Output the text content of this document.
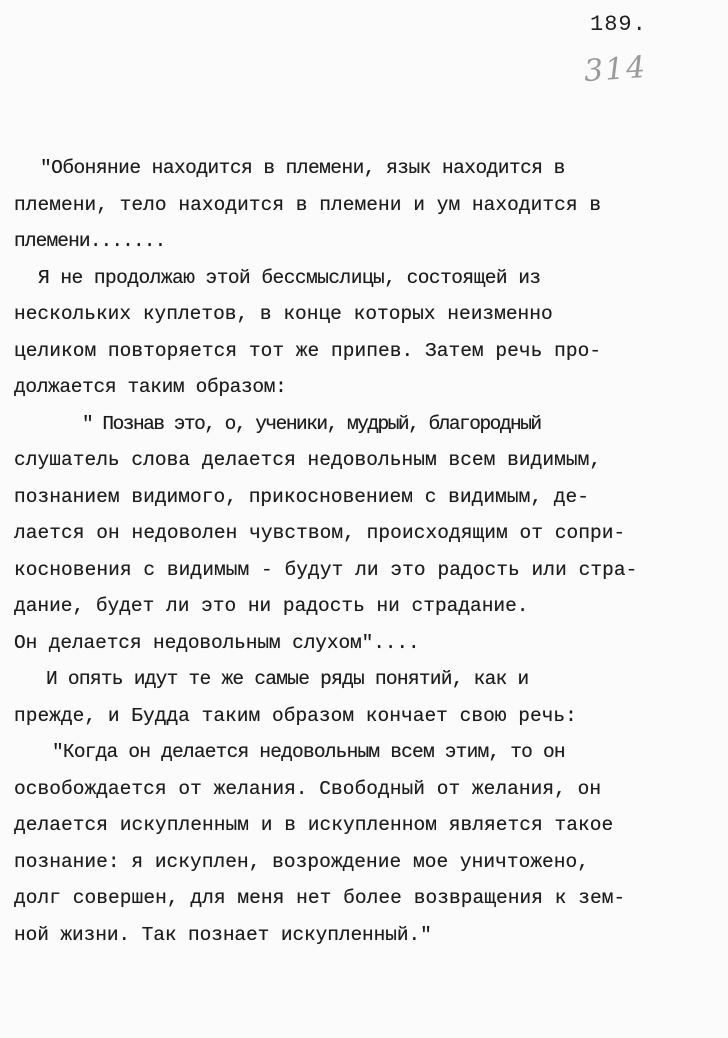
189.
314
"Обоняние находится в племени, язык находится в
племени, тело находится в племени и ум находится в
племени.......
Я не продолжаю этой бессмыслицы, состоящей из
нескольких куплетов, в конце которых неизменно
целиком повторяется тот же припев. Затем речь про-
должается таким образом:
" Познав это, о, ученики, мудрый, благородный
слушатель слова делается недовольным всем видимым,
познанием видимого, прикосновением с видимым, де-
лается он недоволен чувством, происходящим от сопри-
косновения с видимым - будут ли это радость или стра-
дание, будет ли это ни радость ни страдание.
Он делается недовольным слухом"....
И опять идут те же самые ряды понятий, как и
прежде, и Будда таким образом кончает свою речь:
"Когда он делается недовольным всем этим, то он
освобождается от желания. Свободный от желания, он
делается искупленным и в искупленном является такое
познание: я искуплен, возрождение мое уничтожено,
долг совершен, для меня нет более возвращения к зем-
ной жизни. Так познает искупленный."
